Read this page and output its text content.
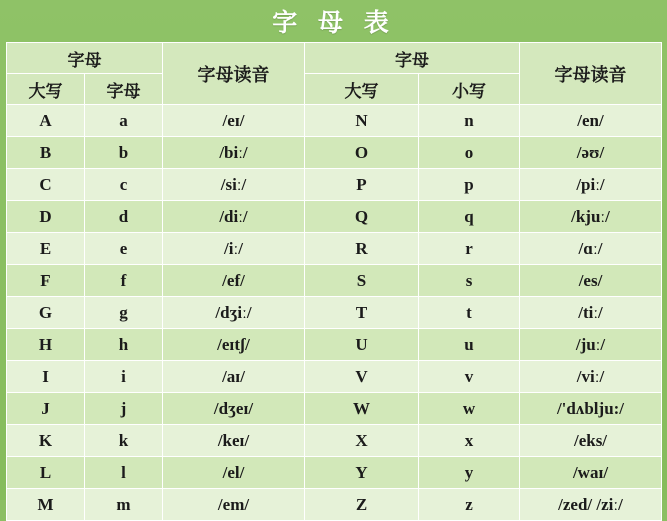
字 母 表
字母		字母读音	字母		字母读音
大写	字母		大写	小写	
A	a	/eɪ/	N	n	/en/
B	b	/biː/	O	o	/əʊ/
C	c	/siː/	P	p	/piː/
D	d	/diː/	Q	q	/kjuː/
E	e	/iː/	R	r	/ɑː/
F	f	/ef/	S	s	/es/
G	g	/dʒiː/	T	t	/tiː/
H	h	/eɪtʃ/	U	u	/juː/
I	i	/aɪ/	V	v	/viː/
J	j	/dʒeɪ/	W	w	/'dʌblju:/
K	k	/keɪ/	X	x	/eks/
L	l	/el/	Y	y	/waɪ/
M	m	/em/	Z	z	/zed/ /ziː/
